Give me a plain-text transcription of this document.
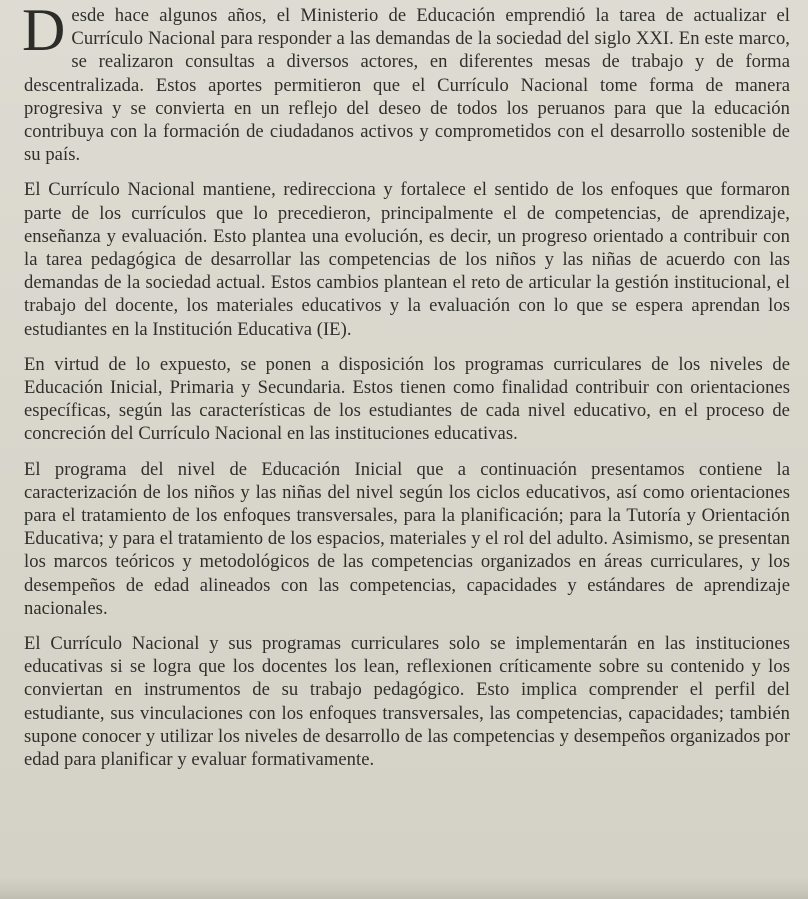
Desde hace algunos años, el Ministerio de Educación emprendió la tarea de actualizar el Currículo Nacional para responder a las demandas de la sociedad del siglo XXI. En este marco, se realizaron consultas a diversos actores, en diferentes mesas de trabajo y de forma descentralizada. Estos aportes permitieron que el Currículo Nacional tome forma de manera progresiva y se convierta en un reflejo del deseo de todos los peruanos para que la educación contribuya con la formación de ciudadanos activos y comprometidos con el desarrollo sostenible de su país.

El Currículo Nacional mantiene, redirecciona y fortalece el sentido de los enfoques que formaron parte de los currículos que lo precedieron, principalmente el de competencias, de aprendizaje, enseñanza y evaluación. Esto plantea una evolución, es decir, un progreso orientado a contribuir con la tarea pedagógica de desarrollar las competencias de los niños y las niñas de acuerdo con las demandas de la sociedad actual. Estos cambios plantean el reto de articular la gestión institucional, el trabajo del docente, los materiales educativos y la evaluación con lo que se espera aprendan los estudiantes en la Institución Educativa (IE).

En virtud de lo expuesto, se ponen a disposición los programas curriculares de los niveles de Educación Inicial, Primaria y Secundaria. Estos tienen como finalidad contribuir con orientaciones específicas, según las características de los estudiantes de cada nivel educativo, en el proceso de concreción del Currículo Nacional en las instituciones educativas.

El programa del nivel de Educación Inicial que a continuación presentamos contiene la caracterización de los niños y las niñas del nivel según los ciclos educativos, así como orientaciones para el tratamiento de los enfoques transversales, para la planificación; para la Tutoría y Orientación Educativa; y para el tratamiento de los espacios, materiales y el rol del adulto. Asimismo, se presentan los marcos teóricos y metodológicos de las competencias organizados en áreas curriculares, y los desempeños de edad alineados con las competencias, capacidades y estándares de aprendizaje nacionales.

El Currículo Nacional y sus programas curriculares solo se implementarán en las instituciones educativas si se logra que los docentes los lean, reflexionen críticamente sobre su contenido y los conviertan en instrumentos de su trabajo pedagógico. Esto implica comprender el perfil del estudiante, sus vinculaciones con los enfoques transversales, las competencias, capacidades; también supone conocer y utilizar los niveles de desarrollo de las competencias y desempeños organizados por edad para planificar y evaluar formativamente.
